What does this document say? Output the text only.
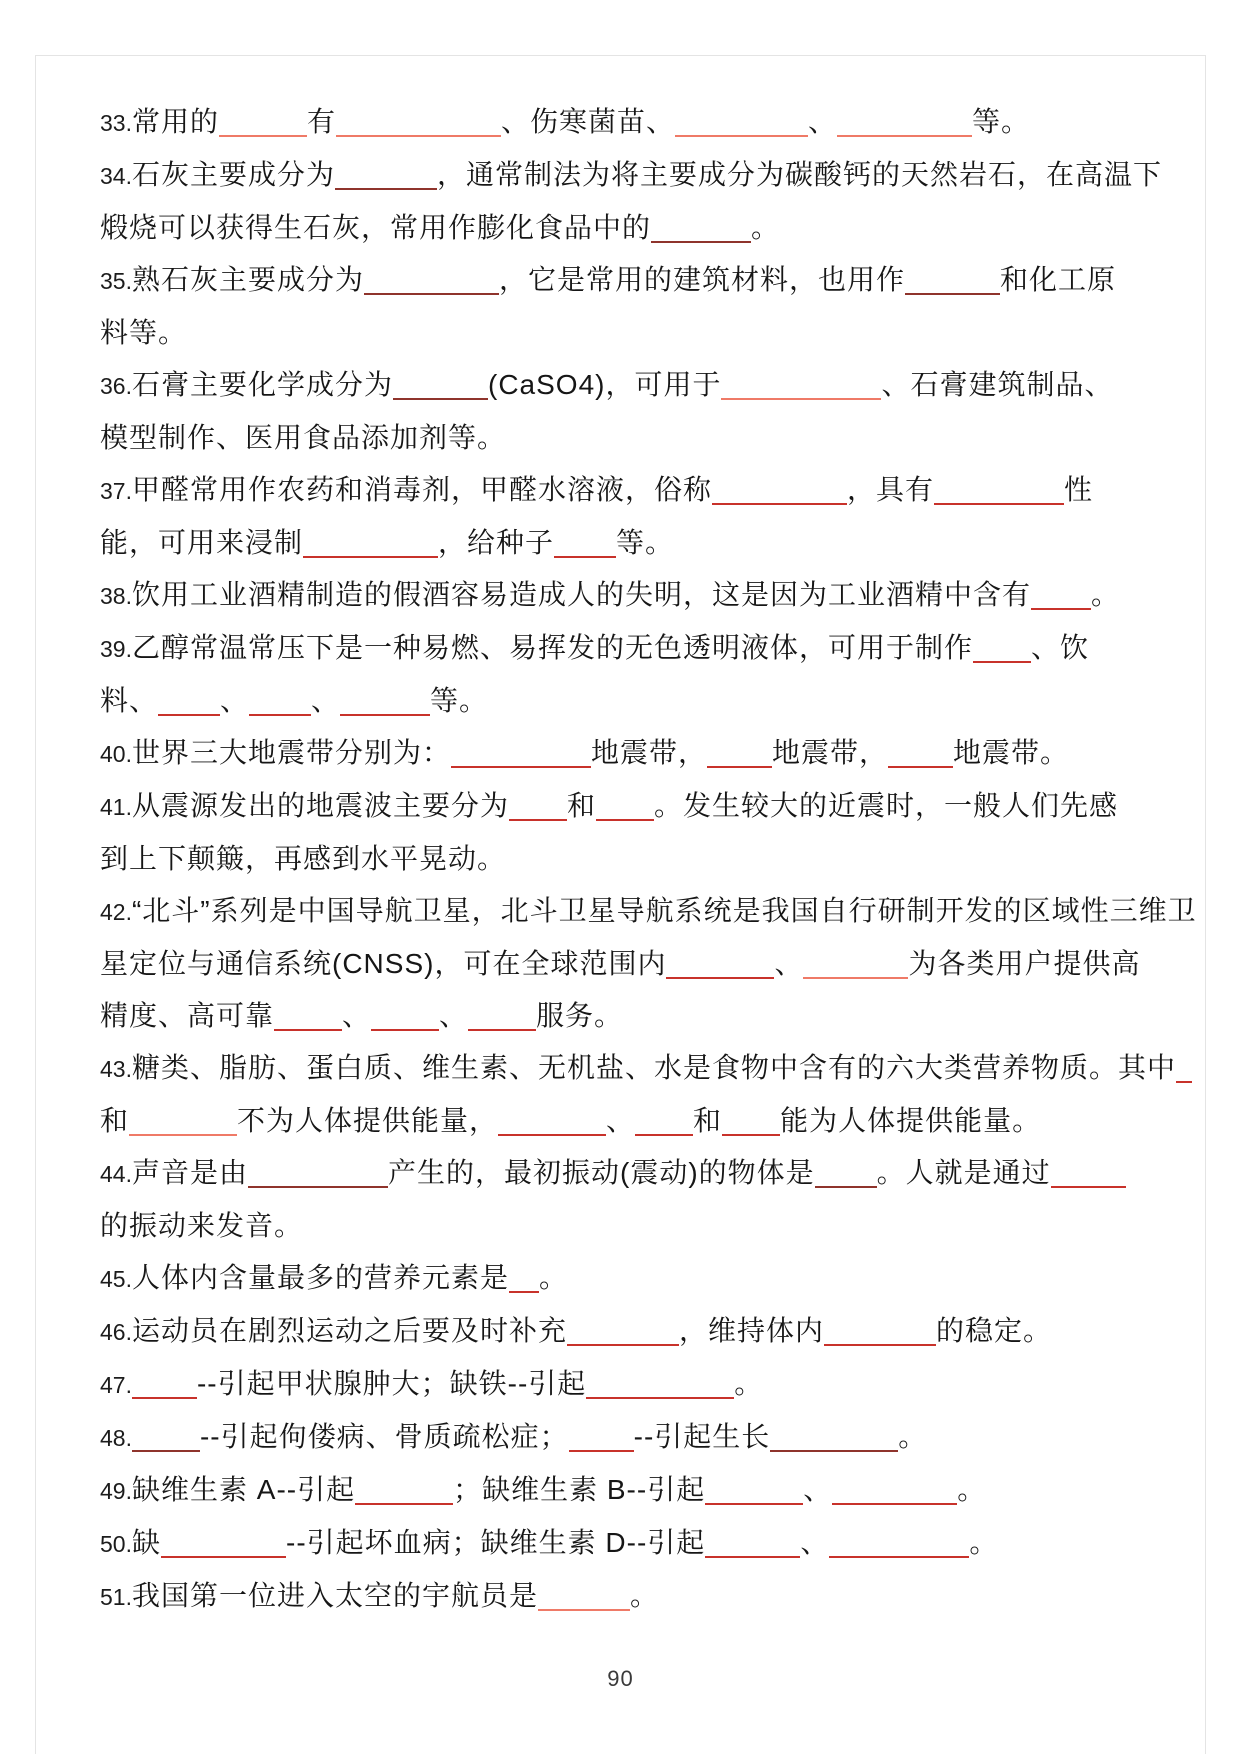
33.常用的	有	、伤寒菌苗、	、	等。

34.石灰主要成分为	，通常制法为将主要成分为碳酸钙的天然岩石，在高温下
煅烧可以获得生石灰，常用作膨化食品中的	。

35.熟石灰主要成分为	，它是常用的建筑材料，也用作	和化工原
料等。

36.石膏主要化学成分为	(CaSO4)，可用于	、石膏建筑制品、
模型制作、医用食品添加剂等。

37.甲醛常用作农药和消毒剂，甲醛水溶液，俗称	，具有	性
能，可用来浸制	，给种子 等。

38.饮用工业酒精制造的假酒容易造成人的失明，这是因为工业酒精中含有 。

39.乙醇常温常压下是一种易燃、易挥发的无色透明液体，可用于制作 、饮
料、 、 、	等。

40.世界三大地震带分别为：	地震带， 地震带， 地震带。

41.从震源发出的地震波主要分为 和 。发生较大的近震时，一般人们先感
到上下颠簸，再感到水平晃动。

42.“北斗”系列是中国导航卫星，北斗卫星导航系统是我国自行研制开发的区域性三维卫
星定位与通信系统(CNSS)，可在全球范围内	、	为各类用户提供高
精度、高可靠 、 、 服务。

43.糖类、脂肪、蛋白质、维生素、无机盐、水是食物中含有的六大类营养物质。其中
和	不为人体提供能量，	、 和 能为人体提供能量。

44.声音是由	产生的，最初振动(震动)的物体是 。人就是通过
的振动来发音。

45.人体内含量最多的营养元素是 。

46.运动员在剧烈运动之后要及时补充	，维持体内	的稳定。

47. --引起甲状腺肿大；缺铁--引起	。

48. --引起佝偻病、骨质疏松症； --引起生长	。

49.缺维生素 A--引起	；缺维生素 B--引起	、	。

50.缺	--引起坏血病；缺维生素 D--引起	、	。

51.我国第一位进入太空的宇航员是	。

90
